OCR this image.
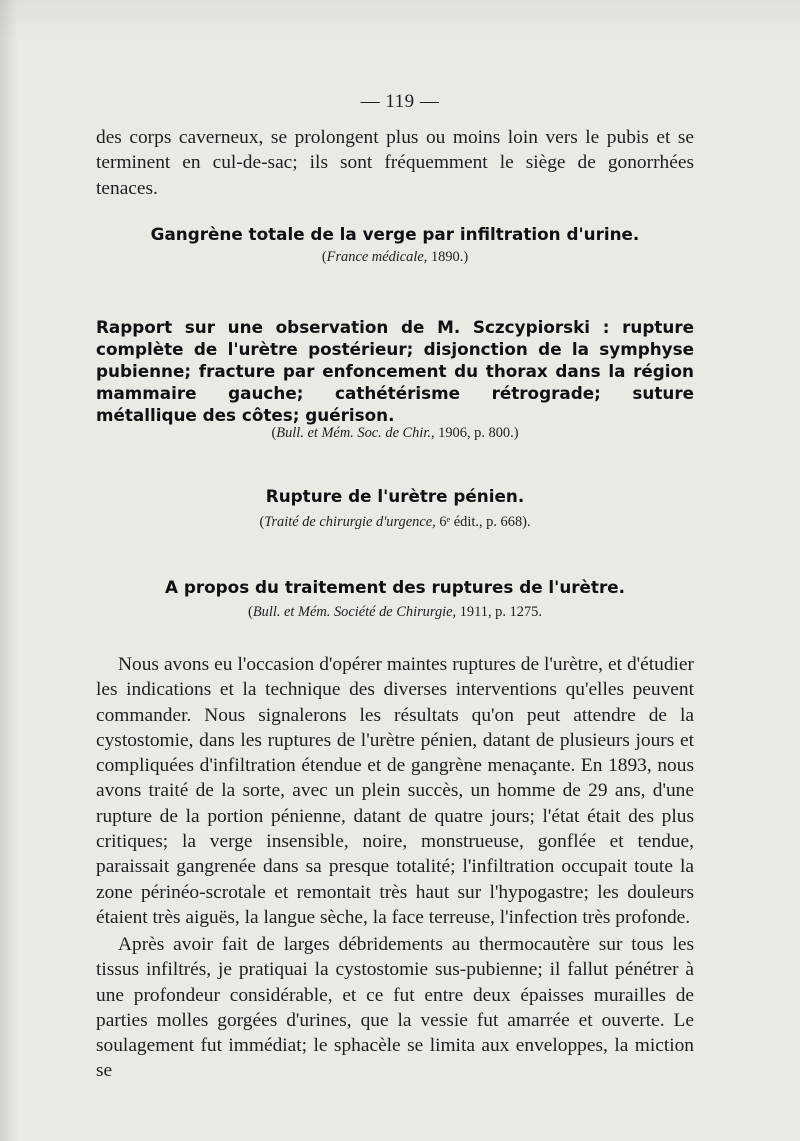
— 119 —

des corps caverneux, se prolongent plus ou moins loin vers le pubis et se terminent en cul-de-sac; ils sont fréquemment le siège de gonorrhées tenaces.

Gangrène totale de la verge par infiltration d'urine.
(France médicale, 1890.)
Rapport sur une observation de M. Sczcypiorski : rupture complète de l'urètre postérieur; disjonction de la symphyse pubienne; fracture par enfoncement du thorax dans la région mammaire gauche; cathétérisme rétrograde; suture métallique des côtes; guérison.
(Bull. et Mém. Soc. de Chir., 1906, p. 800.)
Rupture de l'urètre pénien.
(Traité de chirurgie d'urgence, 6ᵉ édit., p. 668).
A propos du traitement des ruptures de l'urètre.
(Bull. et Mém. Société de Chirurgie, 1911, p. 1275.

Nous avons eu l'occasion d'opérer maintes ruptures de l'urètre, et d'étudier les indications et la technique des diverses interventions qu'elles peuvent commander. Nous signalerons les résultats qu'on peut attendre de la cystostomie, dans les ruptures de l'urètre pénien, datant de plusieurs jours et compliquées d'infiltration étendue et de gangrène menaçante. En 1893, nous avons traité de la sorte, avec un plein succès, un homme de 29 ans, d'une rupture de la portion pénienne, datant de quatre jours; l'état était des plus critiques; la verge insensible, noire, monstrueuse, gonflée et tendue, paraissait gangrenée dans sa presque totalité; l'infiltration occupait toute la zone périnéo-scrotale et remontait très haut sur l'hypogastre; les douleurs étaient très aiguës, la langue sèche, la face terreuse, l'infection très profonde.

Après avoir fait de larges débridements au thermocautère sur tous les tissus infiltrés, je pratiquai la cystostomie sus-pubienne; il fallut pénétrer à une profondeur considérable, et ce fut entre deux épaisses murailles de parties molles gorgées d'urines, que la vessie fut amarrée et ouverte. Le soulagement fut immédiat; le sphacèle se limita aux enveloppes, la miction se
